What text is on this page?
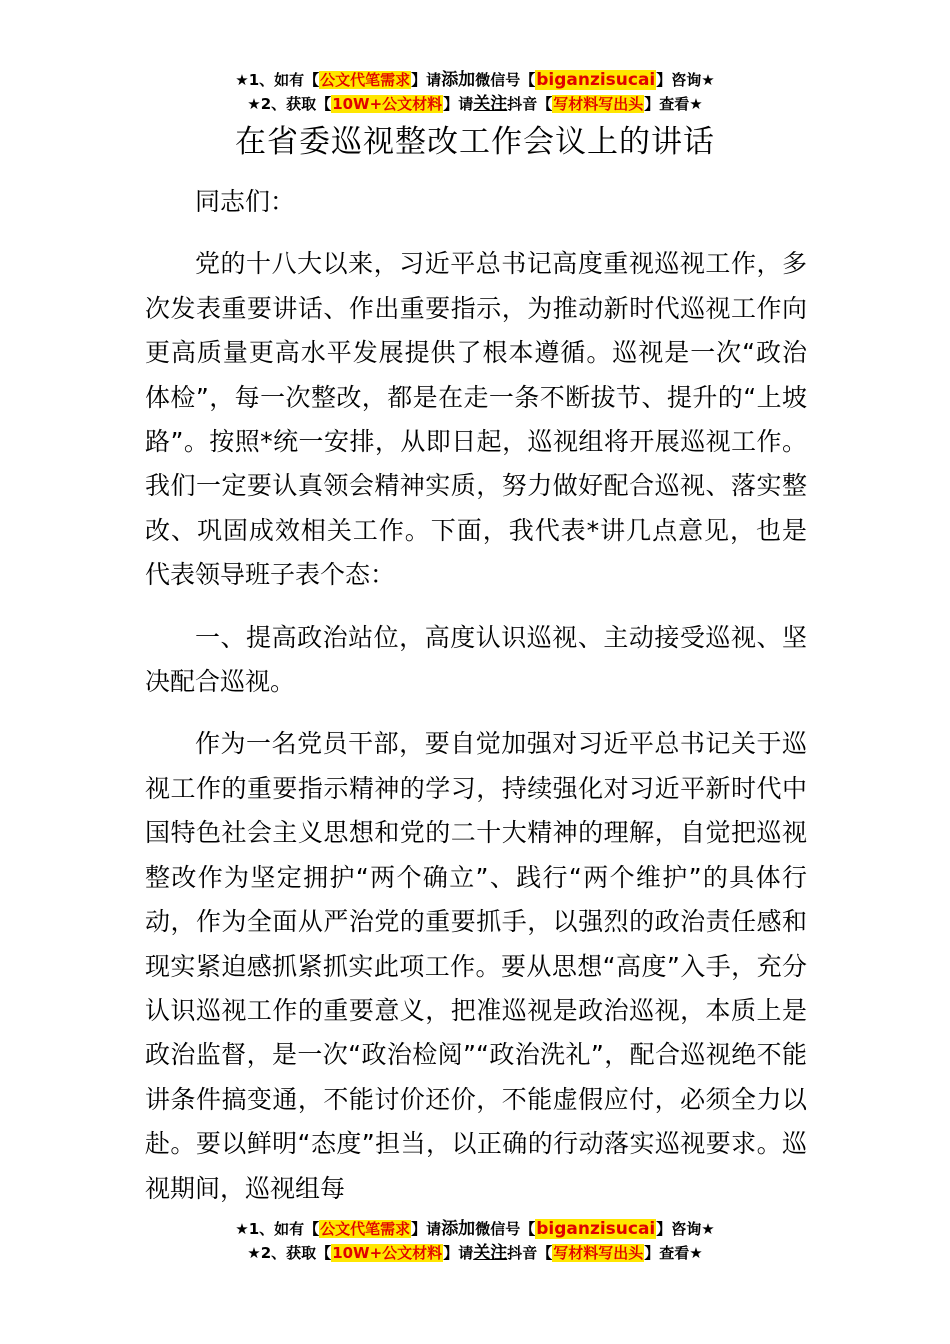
★1、如有【公文代笔需求】请添加微信号【biganzisucai】咨询★
★2、获取【10W+公文材料】请关注抖音【写材料写出头】查看★
在省委巡视整改工作会议上的讲话

同志们：

党的十八大以来，习近平总书记高度重视巡视工作，多次发表重要讲话、作出重要指示，为推动新时代巡视工作向更高质量更高水平发展提供了根本遵循。巡视是一次“政治体检”，每一次整改，都是在走一条不断拔节、提升的“上坡路”。按照*统一安排，从即日起，巡视组将开展巡视工作。我们一定要认真领会精神实质，努力做好配合巡视、落实整改、巩固成效相关工作。下面，我代表*讲几点意见，也是代表领导班子表个态：

一、提高政治站位，高度认识巡视、主动接受巡视、坚决配合巡视。

作为一名党员干部，要自觉加强对习近平总书记关于巡视工作的重要指示精神的学习，持续强化对习近平新时代中国特色社会主义思想和党的二十大精神的理解，自觉把巡视整改作为坚定拥护“两个确立”、践行“两个维护”的具体行动，作为全面从严治党的重要抓手，以强烈的政治责任感和现实紧迫感抓紧抓实此项工作。要从思想“高度”入手，充分认识巡视工作的重要意义，把准巡视是政治巡视，本质上是政治监督，是一次“政治检阅”“政治洗礼”，配合巡视绝不能讲条件搞变通，不能讨价还价，不能虚假应付，必须全力以赴。要以鲜明“态度”担当，以正确的行动落实巡视要求。巡视期间，巡视组每

★1、如有【公文代笔需求】请添加微信号【biganzisucai】咨询★
★2、获取【10W+公文材料】请关注抖音【写材料写出头】查看★
